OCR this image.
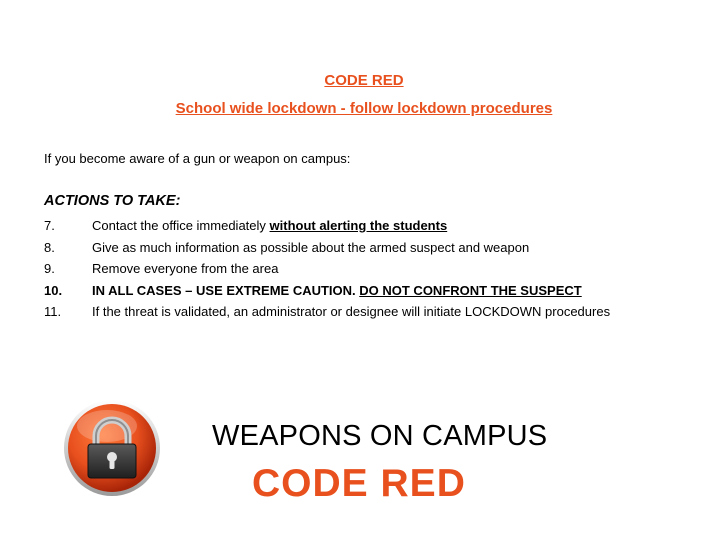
CODE RED
School wide lockdown - follow lockdown procedures
If you become aware of a gun or weapon on campus:
ACTIONS TO TAKE:
7.	Contact the office immediately without alerting the students
8.	Give as much information as possible about the armed suspect and weapon
9.	Remove everyone from the area
10.	IN ALL CASES – USE EXTREME CAUTION. DO NOT CONFRONT THE SUSPECT
11.	If the threat is validated, an administrator or designee will initiate LOCKDOWN procedures
WEAPONS ON CAMPUS
CODE RED
